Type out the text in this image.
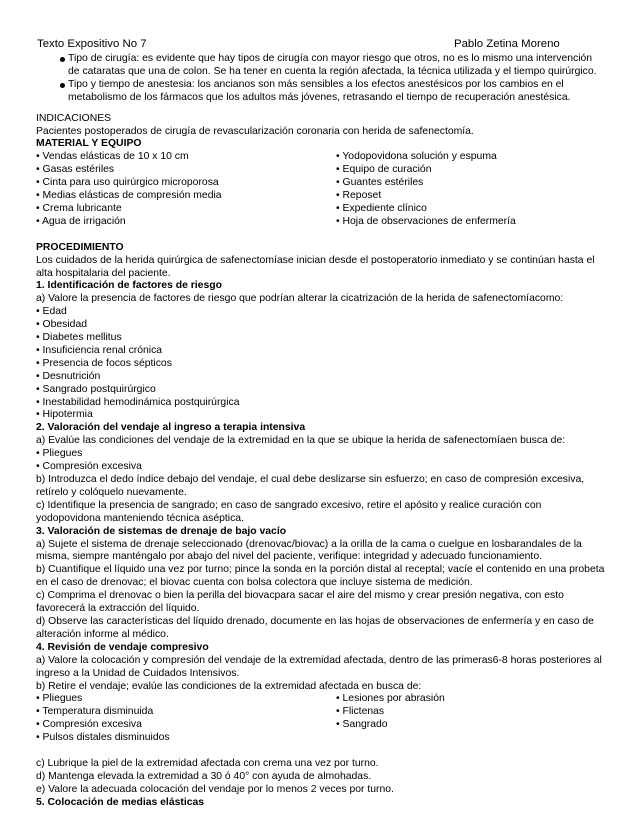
Texto Expositivo No 7	Pablo Zetina Moreno
Tipo de cirugía: es evidente que hay tipos de cirugía con mayor riesgo que otros, no es lo mismo una intervención de cataratas que una de colon. Se ha tener en cuenta la región afectada, la técnica utilizada y el tiempo quirúrgico.
Tipo y tiempo de anestesia: los ancianos son más sensibles a los efectos anestésicos por los cambios en el metabolismo de los fármacos que los adultos más jóvenes, retrasando el tiempo de recuperación anestésica.

INDICACIONES

Pacientes postoperados de cirugía de revascularización coronaria con herida de safenectomía.

MATERIAL Y EQUIPO

• Vendas elásticas de 10 x 10 cm	• Yodopovidona solución y espuma
• Gasas estériles	• Equipo de curación
• Cinta para uso quirúrgico microporosa	• Guantes estériles
• Medias elásticas de compresión media	• Reposet
• Crema lubricante	• Expediente clínico
• Agua de irrigación	• Hoja de observaciones de enfermería

PROCEDIMIENTO

Los cuidados de la herida quirúrgica de safenectomíase inician desde el postoperatorio inmediato y se continúan hasta el alta hospitalaria del paciente.

1. Identificación de factores de riesgo

a) Valore la presencia de factores de riesgo que podrían alterar la cicatrización de la herida de safenectomíacomo:

• Edad

• Obesidad

• Diabetes mellitus

• Insuficiencia renal crónica

• Presencia de focos sépticos

• Desnutrición

• Sangrado postquirúrgico

• Inestabilidad hemodinámica postquirúrgica

• Hipotermia

2. Valoración del vendaje al ingreso a terapia intensiva

a) Evalúe las condiciones del vendaje de la extremidad en la que se ubique la herida de safenectomíaen busca de:

• Pliegues

• Compresión excesiva

b) Introduzca el dedo índice debajo del vendaje, el cual debe deslizarse sin esfuerzo; en caso de compresión excesiva, retírelo y colóquelo nuevamente.

c) Identifique la presencia de sangrado; en caso de sangrado excesivo, retire el apósito y realice curación con yodopovidona manteniendo técnica aséptica.

3. Valoración de sistemas de drenaje de bajo vacío

a) Sujete el sistema de drenaje seleccionado (drenovac/biovac) a la orilla de la cama o cuelgue en losbarandales de la misma, siempre manténgalo por abajo del nivel del paciente, verifique: integridad y adecuado funcionamiento.

b) Cuantifique el líquido una vez por turno; pince la sonda en la porción distal al receptal; vacíe el contenido en una probeta en el caso de drenovac; el biovac cuenta con bolsa colectora que incluye sistema de medición.

c) Comprima el drenovac o bien la perilla del biovacpara sacar el aire del mismo y crear presión negativa, con esto favorecerá la extracción del líquido.

d) Observe las características del líquido drenado, documente en las hojas de observaciones de enfermería y en caso de alteración informe al médico.

4. Revisión de vendaje compresivo

a) Valore la colocación y compresión del vendaje de la extremidad afectada, dentro de las primeras6-8 horas posteriores al ingreso a la Unidad de Cuidados Intensivos.

b) Retire el vendaje; evalúe las condiciones de la extremidad afectada en busca de:

• Pliegues	• Lesiones por abrasión
• Temperatura disminuida	• Flictenas
• Compresión excesiva	• Sangrado
• Pulsos distales disminuidos

c) Lubrique la piel de la extremidad afectada con crema una vez por turno.

d) Mantenga elevada la extremidad a 30 ó 40° con ayuda de almohadas.

e) Valore la adecuada colocación del vendaje por lo menos 2 veces por turno.

5. Colocación de medias elásticas
